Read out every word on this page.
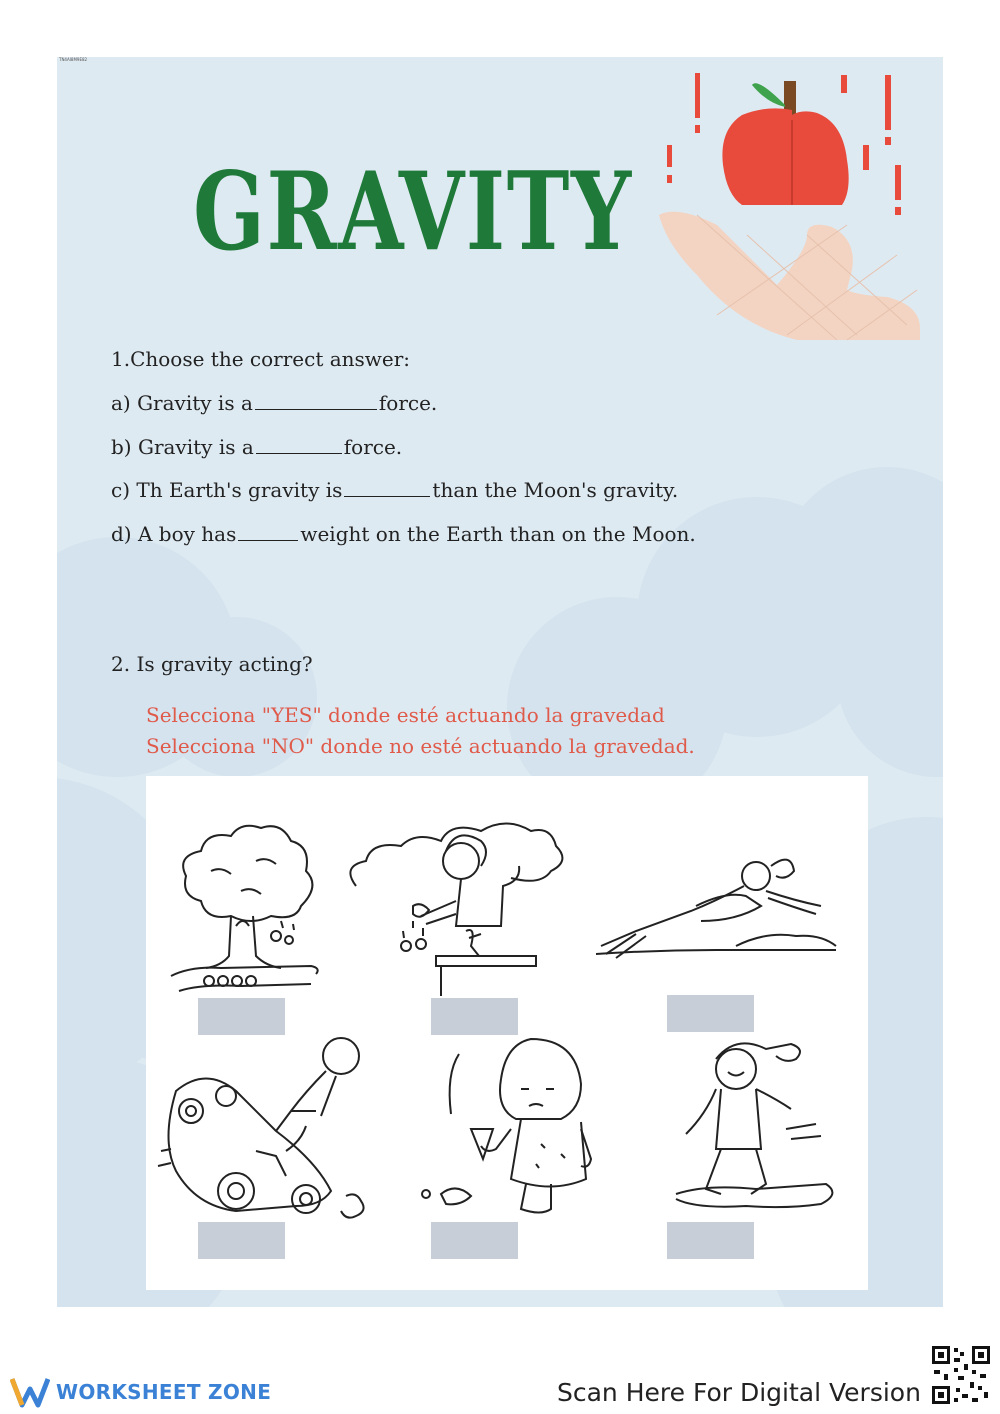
TN4AI8M9E82
GRAVITY
1.Choose the correct answer:
a) Gravity is a	force.
b) Gravity is a	force.
c) Th Earth's gravity is	than the Moon's gravity.
d) A boy has	weight on the Earth than on the Moon.
2. Is gravity acting?
Selecciona "YES" donde esté actuando la gravedad
Selecciona "NO" donde no esté actuando la gravedad.
WORKSHEET ZONE	Scan Here For Digital Version
